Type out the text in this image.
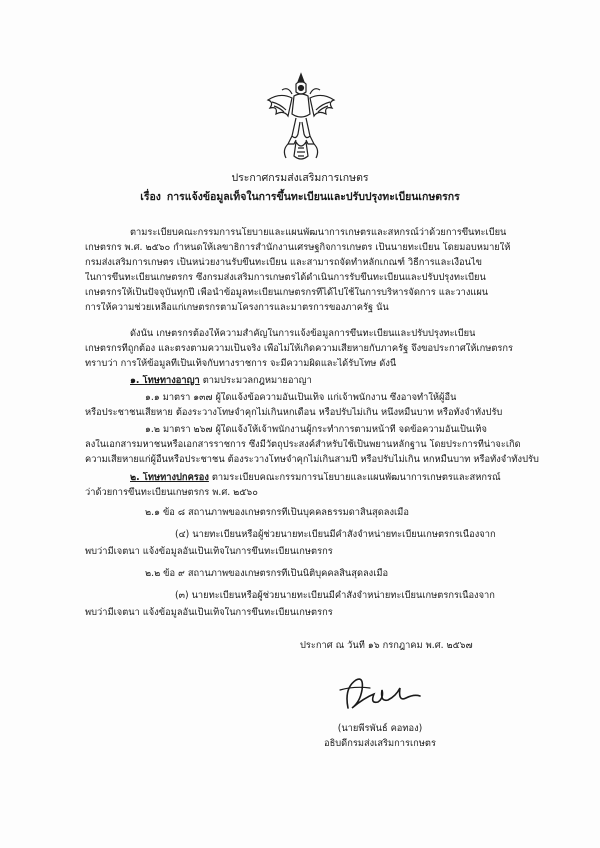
ประกาศกรมส่งเสริมการเกษตร
เรื่อง การแจ้งข้อมูลเท็จในการขึ้นทะเบียนและปรับปรุงทะเบียนเกษตรกร
ตามระเบียบคณะกรรมการนโยบายและแผนพัฒนาการเกษตรและสหกรณ์ว่าด้วยการขึ้นทะเบียน
เกษตรกร พ.ศ. ๒๕๖๐ กำหนดให้เลขาธิการสำนักงานเศรษฐกิจการเกษตร เป็นนายทะเบียน โดยมอบหมายให้
กรมส่งเสริมการเกษตร เป็นหน่วยงานรับขึ้นทะเบียน และสามารถจัดทำหลักเกณฑ์ วิธีการและเงื่อนไข
ในการขึ้นทะเบียนเกษตรกร ซึ่งกรมส่งเสริมการเกษตรได้ดำเนินการรับขึ้นทะเบียนและปรับปรุงทะเบียน
เกษตรกรให้เป็นปัจจุบันทุกปี เพื่อนำข้อมูลทะเบียนเกษตรกรที่ได้ไปใช้ในการบริหารจัดการ และวางแผน
การให้ความช่วยเหลือแก่เกษตรกรตามโครงการและมาตรการของภาครัฐ นั้น
ดังนั้น เกษตรกรต้องให้ความสำคัญในการแจ้งข้อมูลการขึ้นทะเบียนและปรับปรุงทะเบียน
เกษตรกรที่ถูกต้อง และตรงตามความเป็นจริง เพื่อไม่ให้เกิดความเสียหายกับภาครัฐ จึงขอประกาศให้เกษตรกร
ทราบว่า การให้ข้อมูลที่เป็นเท็จกับทางราชการ จะมีความผิดและได้รับโทษ ดังนี้
๑. โทษทางอาญา ตามประมวลกฎหมายอาญา
๑.๑ มาตรา ๑๓๗ ผู้ใดแจ้งข้อความอันเป็นเท็จ แก่เจ้าพนักงาน ซึ่งอาจทำให้ผู้อื่น
หรือประชาชนเสียหาย ต้องระวางโทษจำคุกไม่เกินหกเดือน หรือปรับไม่เกิน หนึ่งหมื่นบาท หรือทั้งจำทั้งปรับ
๑.๒ มาตรา ๒๖๗ ผู้ใดแจ้งให้เจ้าพนักงานผู้กระทำการตามหน้าที่ จดข้อความอันเป็นเท็จ
ลงในเอกสารมหาชนหรือเอกสารราชการ ซึ่งมีวัตถุประสงค์สำหรับใช้เป็นพยานหลักฐาน โดยประการที่น่าจะเกิด
ความเสียหายแก่ผู้อื่นหรือประชาชน ต้องระวางโทษจำคุกไม่เกินสามปี หรือปรับไม่เกิน หกหมื่นบาท หรือทั้งจำทั้งปรับ
๒. โทษทางปกครอง ตามระเบียบคณะกรรมการนโยบายและแผนพัฒนาการเกษตรและสหกรณ์
ว่าด้วยการขึ้นทะเบียนเกษตรกร พ.ศ. ๒๕๖๐
๒.๑ ข้อ ๘ สถานภาพของเกษตรกรที่เป็นบุคคลธรรมดาสิ้นสุดลงเมื่อ
(๔) นายทะเบียนหรือผู้ช่วยนายทะเบียนมีคำสั่งจำหน่ายทะเบียนเกษตรกรเนื่องจาก
พบว่ามีเจตนา แจ้งข้อมูลอันเป็นเท็จในการขึ้นทะเบียนเกษตรกร
๒.๒ ข้อ ๙ สถานภาพของเกษตรกรที่เป็นนิติบุคคลสิ้นสุดลงเมื่อ
(๓) นายทะเบียนหรือผู้ช่วยนายทะเบียนมีคำสั่งจำหน่ายทะเบียนเกษตรกรเนื่องจาก
พบว่ามีเจตนา แจ้งข้อมูลอันเป็นเท็จในการขึ้นทะเบียนเกษตรกร
ประกาศ ณ วันที่ ๑๖ กรกฎาคม พ.ศ. ๒๕๖๗
(นายพีรพันธ์ คอทอง)
อธิบดีกรมส่งเสริมการเกษตร
